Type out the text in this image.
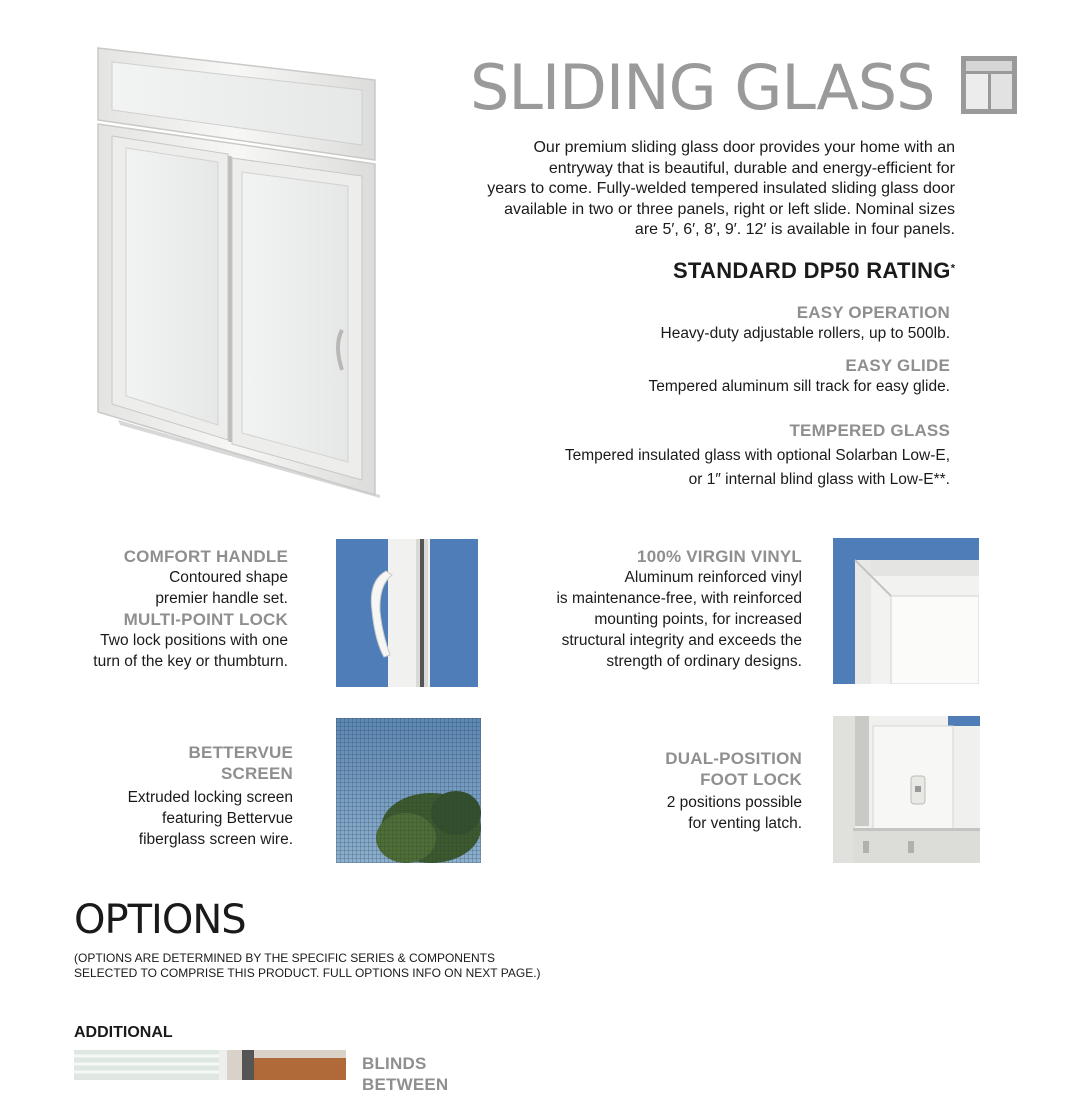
SLIDING GLASS
Our premium sliding glass door provides your home with an
entryway that is beautiful, durable and energy-efficient for
years to come. Fully-welded tempered insulated sliding glass door
available in two or three panels, right or left slide. Nominal sizes
are 5′, 6′, 8′, 9′. 12′ is available in four panels.
STANDARD DP50 RATING*
EASY OPERATION
Heavy-duty adjustable rollers, up to 500lb.
EASY GLIDE
Tempered aluminum sill track for easy glide.
TEMPERED GLASS
Tempered insulated glass with optional Solarban Low-E,
or 1″ internal blind glass with Low-E**.
COMFORT HANDLE
Contoured shape
premier handle set.
MULTI-POINT LOCK
Two lock positions with one
turn of the key or thumbturn.
100% VIRGIN VINYL
Aluminum reinforced vinyl
is maintenance-free, with reinforced
mounting points, for increased
structural integrity and exceeds the
strength of ordinary designs.
BETTERVUE
SCREEN
Extruded locking screen
featuring Bettervue
fiberglass screen wire.
DUAL-POSITION
FOOT LOCK
2 positions possible
for venting latch.
OPTIONS
(OPTIONS ARE DETERMINED BY THE SPECIFIC SERIES & COMPONENTS
SELECTED TO COMPRISE THIS PRODUCT. FULL OPTIONS INFO ON NEXT PAGE.)
ADDITIONAL
BLINDS
BETWEEN
